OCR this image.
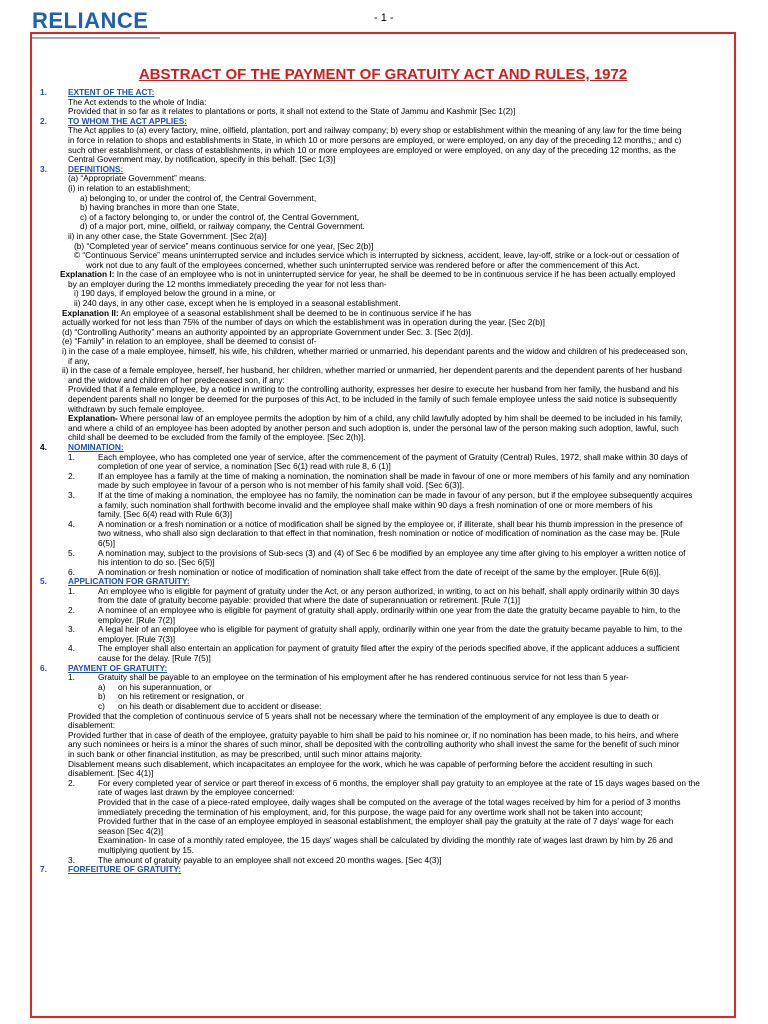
RELIANCE	- 1 -
ABSTRACT OF THE PAYMENT OF GRATUITY ACT AND RULES, 1972
1.	EXTENT OF THE ACT:
The Act extends to the whole of India:
Provided that in so far as it relates to plantations or ports, it shall not extend to the State of Jammu and Kashmir [Sec 1(2)]
2.	TO WHOM THE ACT APPLIES:
The Act applies to (a) every factory, mine, oilfield, plantation, port and railway company; b) every shop or establishment within the meaning of any law for the time being
in force in relation to shops and establishments in State, in which 10 or more persons are employed, or were employed, on any day of the preceding 12 months,; and c)
such other establishment, or class of establishments, in which 10 or more employees are employed or were employed, on any day of the preceding 12 months, as the
Central Government may, by notification, specify in this behalf. [Sec 1(3)]
3.	DEFINITIONS:
(a) “Appropriate Government” means.
(i) in relation to an establishment;
a) belonging to, or under the control of, the Central Government,
b) having branches in more than one State,
c) of a factory belonging to, or under the control of, the Central Government,
d) of a major port, mine, oilfield, or railway company, the Central Government.
ii) in any other case, the State Government. [Sec 2(a)]
(b) “Completed year of service” means continuous service for one year, [Sec 2(b)]
© “Continuous Service” means uninterrupted service and includes service which is interrupted by sickness, accident, leave, lay-off, strike or a lock-out or cessation of
work not due to any fault of the employees concerned, whether such uninterrupted service was rendered before or after the commencement of this Act.
Explanation I: In the case of an employee who is not in uninterrupted service for year, he shall be deemed to be in continuous service if he has been actually employed
by an employer during the 12 months immediately preceding the year for not less than-
i) 190 days, if employed below the ground in a mine, or
ii) 240 days, in any other case, except when he is employed in a seasonal establishment.
Explanation II: An employee of a seasonal establishment shall be deemed to be in continuous service if he has
actually worked for not less than 75% of the number of days on which the establishment was in operation during the year. [Sec 2(b)]
(d) “Controlling Authority” means an authority appointed by an appropriate Government under Sec. 3. [Sec 2(d)].
(e) “Family” in relation to an employee, shall be deemed to consist of-
i) in the case of a male employee, himself, his wife, his children, whether married or unmarried, his dependant parents and the widow and children of his predeceased son,
if any,
ii) in the case of a female employee, herself, her husband, her children, whether married or unmarried, her dependent parents and the dependent parents of her husband
and the widow and children of her predeceased son, if any:
Provided that if a female employee, by a notice in writing to the controlling authority, expresses her desire to execute her husband from her family, the husband and his
dependent parents shall no longer be deemed for the purposes of this Act, to be included in the family of such female employee unless the said notice is subsequently
withdrawn by such female employee.
Explanation- Where personal law of an employee permits the adoption by him of a child, any child lawfully adopted by him shall be deemed to be included in his family,
and where a child of an employee has been adopted by another person and such adoption is, under the personal law of the person making such adoption, lawful, such
child shall be deemed to be excluded from the family of the employee. [Sec 2(h)].
4.	NOMINATION:
1.	Each employee, who has completed one year of service, after the commencement of the payment of Gratuity (Central) Rules, 1972, shall make within 30 days of
completion of one year of service, a nomination [Sec 6(1) read with rule 8, 6 (1)]
2.	If an employee has a family at the time of making a nomination, the nomination shall be made in favour of one or more members of his family and any nomination
made by such employee in favour of a person who is not member of his family shall void. [Sec 6(3)].
3.	If at the time of making a nomination, the employee has no family, the nomination can be made in favour of any person, but if the employee subsequently acquires
a family, such nomination shall forthwith become invalid and the employee shall make within 90 days a fresh nomination of one or more members of his
family. [Sec 6(4) read with Rule 6(3)]
4.	A nomination or a fresh nomination or a notice of modification shall be signed by the employee or, if illiterate, shall bear his thumb impression in the presence of
two witness, who shall also sign declaration to that effect in that nomination, fresh nomination or notice of modification of nomination as the case may be. [Rule
6(5)]
5.	A nomination may, subject to the provisions of Sub-secs (3) and (4) of Sec 6 be modified by an employee any time after giving to his employer a written notice of
his intention to do so. [Sec 6(5)]
6.	A nomination or fresh nomination or notice of modification of nomination shall take effect from the date of receipt of the same by the employer. [Rule 6(6)].
5.	APPLICATION FOR GRATUITY:
1.	An employee who is eligible for payment of gratuity under the Act, or any person authorized, in writing, to act on his behalf, shall apply ordinarily within 30 days
from the date of gratuity become payable: provided that where the date of superannuation or retirement. [Rule 7(1)]
2.	A nominee of an employee who is eligible for payment of gratuity shall apply, ordinarily within one year from the date the gratuity became payable to him, to the
employer. [Rule 7(2)]
3.	A legal heir of an employee who is eligible for payment of gratuity shall apply, ordinarily within one year from the date the gratuity became payable to him, to the
employer. [Rule 7(3)]
4.	The employer shall also entertain an application for payment of gratuity filed after the expiry of the periods specified above, if the applicant adduces a sufficient
cause for the delay. [Rule 7(5)]
6.	PAYMENT OF GRATUITY:
1.	Gratuity shall be payable to an employee on the termination of his employment after he has rendered continuous service for not less than 5 year-
a)	on his superannuation, or
b)	on his retirement or resignation, or
c)	on his death or disablement due to accident or disease:
Provided that the completion of continuous service of 5 years shall not be necessary where the termination of the employment of any employee is due to death or
disablement:
Provided further that in case of death of the employee, gratuity payable to him shall be paid to his nominee or, if no nomination has been made, to his heirs, and where
any such nominees or heirs is a minor the shares of such minor, shall be deposited with the controlling authority who shall invest the same for the benefit of such minor
in such bank or other financial institution, as may be prescribed, until such minor attains majority.
Disablement means such disablement, which incapacitates an employee for the work, which he was capable of performing before the accident resulting in such
disablement. [Sec 4(1)]
2.	For every completed year of service or part thereof in excess of 6 months, the employer shall pay gratuity to an employee at the rate of 15 days wages based on the
rate of wages last drawn by the employee concerned:
Provided that in the case of a piece-rated employee, daily wages shall be computed on the average of the total wages received by him for a period of 3 months
immediately preceding the termination of his employment, and, for this purpose, the wage paid for any overtime work shall not be taken into account;
Provided further that in the case of an employee employed in seasonal establishment, the employer shall pay the gratuity at the rate of 7 days' wage for each
season [Sec 4(2)]
Examination- In case of a monthly rated employee, the 15 days' wages shall be calculated by dividing the monthly rate of wages last drawn by him by 26 and
multiplying quotient by 15.
3.	The amount of gratuity payable to an employee shall not exceed 20 months wages. [Sec 4(3)]
7.	FORFEITURE OF GRATUITY:
